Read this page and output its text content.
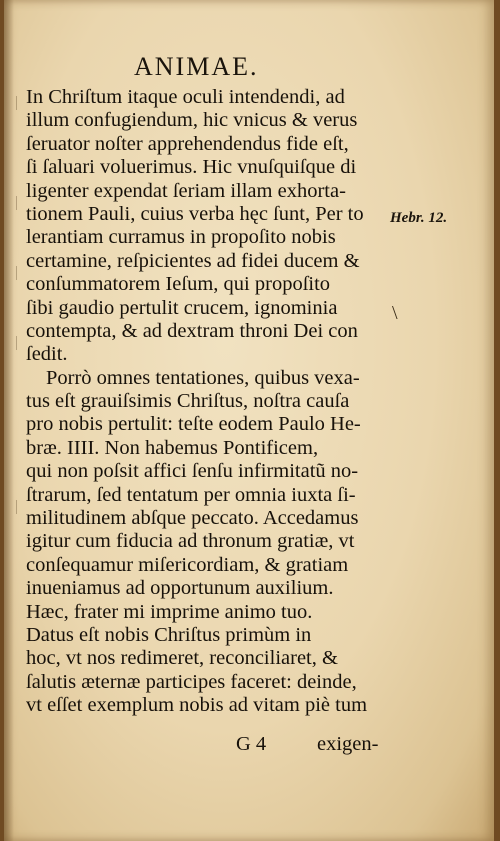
ANIMAE.
In Chriſtum itaque oculi intendendi, ad
illum confugiendum, hic vnicus & verus
ſeruator noſter apprehendendus fide eſt,
ſi ſaluari voluerimus. Hic vnuſquiſque di
ligenter expendat ſeriam illam exhorta-
tionem Pauli, cuius verba hęc ſunt, Per to
lerantiam curramus in propoſito nobis
certamine, reſpicientes ad fidei ducem &
conſummatorem Ieſum, qui propoſito
ſibi gaudio pertulit crucem, ignominia
contempta, & ad dextram throni Dei con
ſedit.
Porrò omnes tentationes, quibus vexa-
tus eſt grauiſsimis Chriſtus, noſtra cauſa
pro nobis pertulit: teſte eodem Paulo He-
bræ. IIII. Non habemus Pontificem,
qui non poſsit affici ſenſu infirmitatũ no-
ſtrarum, ſed tentatum per omnia iuxta ſi-
militudinem abſque peccato. Accedamus
igitur cum fiducia ad thronum gratiæ, vt
conſequamur miſericordiam, & gratiam
inueniamus ad opportunum auxilium.
Hæc, frater mi imprime animo tuo.
Datus eſt nobis Chriſtus primùm in
hoc, vt nos redimeret, reconciliaret, &
ſalutis æternæ participes faceret: deinde,
vt eſſet exemplum nobis ad vitam piè tum
Hebr. 12.
\
G 4 exigen-
